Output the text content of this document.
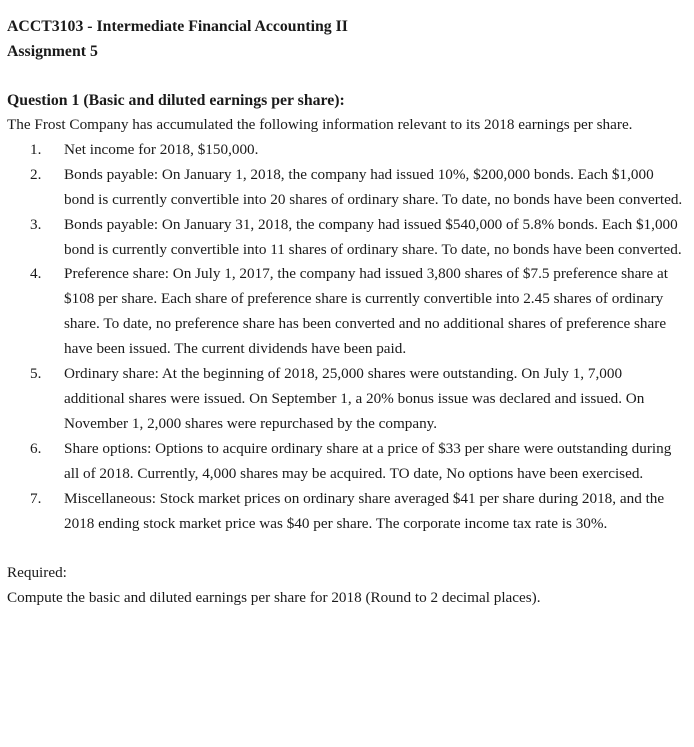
ACCT3103 - Intermediate Financial Accounting II
Assignment 5
Question 1 (Basic and diluted earnings per share):

The Frost Company has accumulated the following information relevant to its 2018 earnings per share.

1.	Net income for 2018, $150,000.
2.	Bonds payable: On January 1, 2018, the company had issued 10%, $200,000 bonds. Each $1,000 bond is currently convertible into 20 shares of ordinary share. To date, no bonds have been converted.
3.	Bonds payable: On January 31, 2018, the company had issued $540,000 of 5.8% bonds. Each $1,000 bond is currently convertible into 11 shares of ordinary share. To date, no bonds have been converted.
4.	Preference share: On July 1, 2017, the company had issued 3,800 shares of $7.5 preference share at $108 per share. Each share of preference share is currently convertible into 2.45 shares of ordinary share. To date, no preference share has been converted and no additional shares of preference share have been issued. The current dividends have been paid.
5.	Ordinary share: At the beginning of 2018, 25,000 shares were outstanding. On July 1, 7,000 additional shares were issued. On September 1, a 20% bonus issue was declared and issued. On November 1, 2,000 shares were repurchased by the company.
6.	Share options: Options to acquire ordinary share at a price of $33 per share were outstanding during all of 2018. Currently, 4,000 shares may be acquired. TO date, No options have been exercised.
7.	Miscellaneous: Stock market prices on ordinary share averaged $41 per share during 2018, and the 2018 ending stock market price was $40 per share. The corporate income tax rate is 30%.

Required:

Compute the basic and diluted earnings per share for 2018 (Round to 2 decimal places).
